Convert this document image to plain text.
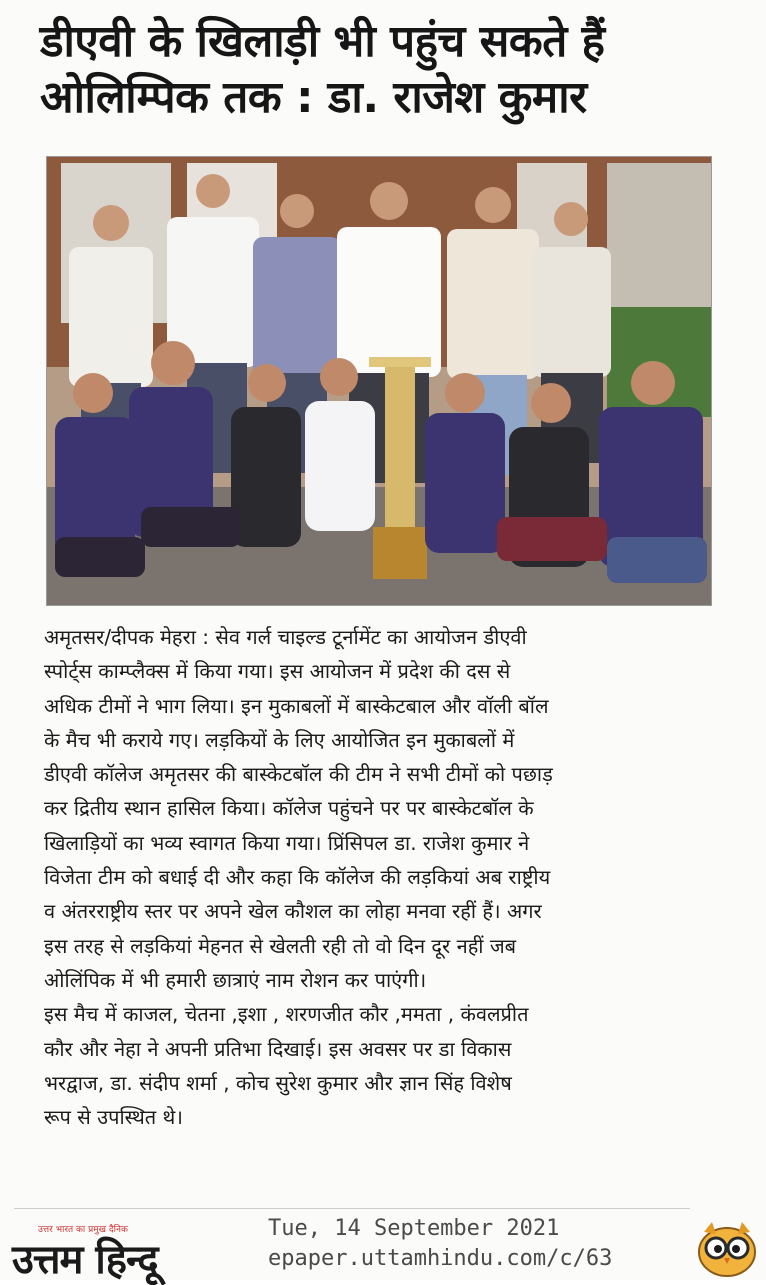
डीएवी के खिलाड़ी भी पहुंच सकते हैं
ओलिम्पिक तक : डा. राजेश कुमार
अमृतसर/दीपक मेहरा : सेव गर्ल चाइल्ड टूर्नामेंट का आयोजन डीएवी
स्पोर्ट्स काम्प्लैक्स में किया गया। इस आयोजन में प्रदेश की दस से
अधिक टीमों ने भाग लिया। इन मुकाबलों में बास्केटबाल और वॉली बॉल
के मैच भी कराये गए। लड़कियों के लिए आयोजित इन मुकाबलों में
डीएवी कॉलेज अमृतसर की बास्केटबॉल की टीम ने सभी टीमों को पछाड़
कर द्रितीय स्थान हासिल किया। कॉलेज पहुंचने पर पर बास्केटबॉल के
खिलाड़ियों का भव्य स्वागत किया गया। प्रिंसिपल डा. राजेश कुमार ने
विजेता टीम को बधाई दी और कहा कि कॉलेज की लड़कियां अब राष्ट्रीय
व अंतरराष्ट्रीय स्तर पर अपने खेल कौशल का लोहा मनवा रहीं हैं। अगर
इस तरह से लड़कियां मेहनत से खेलती रही तो वो दिन दूर नहीं जब
ओलिंपिक में भी हमारी छात्राएं नाम रोशन कर पाएंगी।
इस मैच में काजल, चेतना ,इशा , शरणजीत कौर ,ममता , कंवलप्रीत
कौर और नेहा ने अपनी प्रतिभा दिखाई। इस अवसर पर डा विकास
भरद्वाज, डा. संदीप शर्मा , कोच सुरेश कुमार और ज्ञान सिंह विशेष
रूप से उपस्थित थे।
उत्तर भारत का प्रमुख दैनिक
उत्तम हिन्दू
Tue, 14 September 2021
epaper.uttamhindu.com/c/63
